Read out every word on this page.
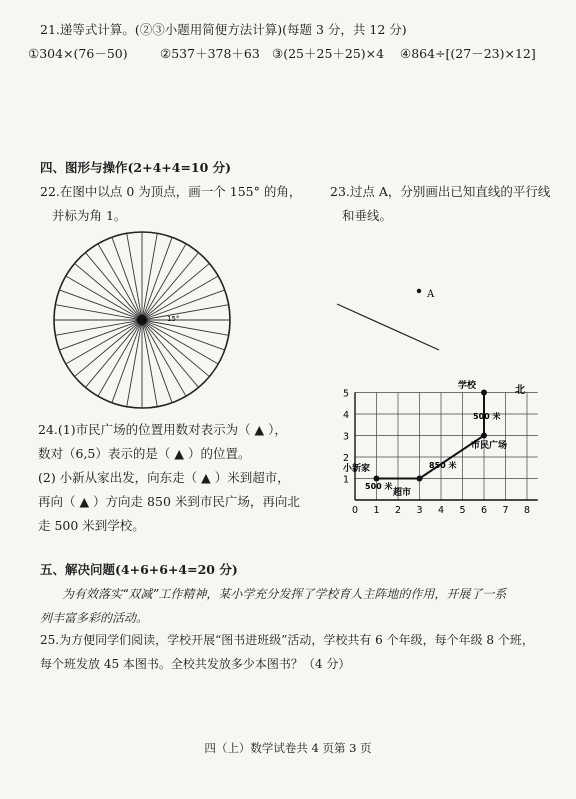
21.递等式计算。(②③小题用简便方法计算)(每题 3 分，共 12 分)
①304×(76－50)	②537＋378＋63 ③(25＋25＋25)×4 ④864÷[(27－23)×12]
四、图形与操作(2+4+4=10 分)
22.在图中以点 0 为顶点，画一个 155° 的角，
并标为角 1。
23.过点 A，分别画出已知直线的平行线
和垂线。
15°
A
24.(1)市民广场的位置用数对表示为（ ▲ ），
数对（6,5）表示的是（ ▲ ）的位置。
(2) 小新从家出发，向东走（ ▲ ）米到超市，
再向（ ▲ ）方向走 850 米到市民广场，再向北
走 500 米到学校。
0 1 2 3 4 5 6 7 8
1
2
3
4
5	北
小新家
超市
市民广场
学校
500 米
850 米
500 米
五、解决问题(4+6+6+4=20 分)
为有效落实“双减”工作精神，某小学充分发挥了学校育人主阵地的作用，开展了一系
列丰富多彩的活动。
25.为方便同学们阅读，学校开展“图书进班级”活动，学校共有 6 个年级，每个年级 8 个班，
每个班发放 45 本图书。全校共发放多少本图书？（4 分）
四（上）数学试卷共 4 页第 3 页
